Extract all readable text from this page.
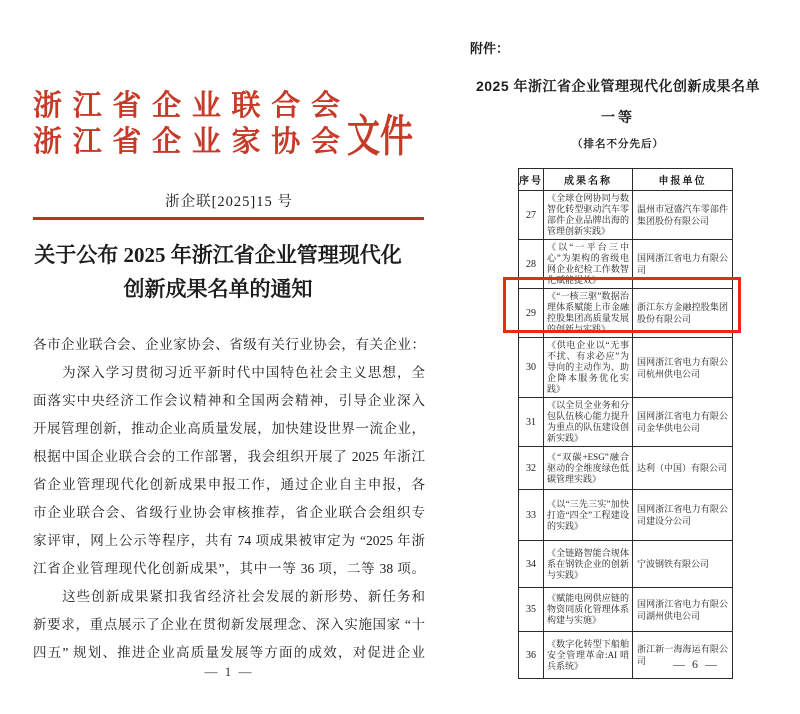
浙江省企业联合会
浙江省企业家协会 文件
浙企联[2025]15 号
关于公布 2025 年浙江省企业管理现代化
创新成果名单的通知
各市企业联合会、企业家协会、省级有关行业协会，有关企业：
　　为深入学习贯彻习近平新时代中国特色社会主义思想，全
面落实中央经济工作会议精神和全国两会精神，引导企业深入
开展管理创新，推动企业高质量发展，加快建设世界一流企业，
根据中国企业联合会的工作部署，我会组织开展了 2025 年浙江
省企业管理现代化创新成果申报工作，通过企业自主申报，各
市企业联合会、省级行业协会审核推荐，省企业联合会组织专
家评审，网上公示等程序，共有 74 项成果被审定为 “2025 年浙
江省企业管理现代化创新成果”，其中一等 36 项，二等 38 项。
　　这些创新成果紧扣我省经济社会发展的新形势、新任务和
新要求，重点展示了企业在贯彻新发展理念、深入实施国家 “十
四五” 规划、推进企业高质量发展等方面的成效，对促进企业
— 1 —
附件：
2025 年浙江省企业管理现代化创新成果名单
一等
（排名不分先后）
序号	成果名称	申报单位
27	《全球仓网协同与数智化转型驱动汽车零部件企业品牌出海的管理创新实践》	温州市冠盛汽车零部件集团股份有限公司
28	《以“一平台三中心”为架构的省级电网企业纪检工作数智化赋能提效》	国网浙江省电力有限公司
29	《“一核三驱”数据治理体系赋能上市金融控股集团高质量发展的创新与实践》	浙江东方金融控股集团股份有限公司
30	《供电企业以“无事不扰、有求必应”为导向的主动作为、助企降本服务优化实践》	国网浙江省电力有限公司杭州供电公司
31	《以全员全业务和分包队伍核心能力提升为重点的队伍建设创新实践》	国网浙江省电力有限公司金华供电公司
32	《“双碳+ESG”融合驱动的全维度绿色低碳管理实践》	达利（中国）有限公司
33	《以“三先三实”加快打造“四全”工程建设的实践》	国网浙江省电力有限公司建设分公司
34	《全链路智能合规体系在钢铁企业的创新与实践》	宁波钢铁有限公司
35	《赋能电网供应链的物资同质化管理体系构建与实施》	国网浙江省电力有限公司湖州供电公司
36	《数字化转型下船舶安全管理革命:AI 哨兵系统》	浙江新一海海运有限公司	— 6 —
